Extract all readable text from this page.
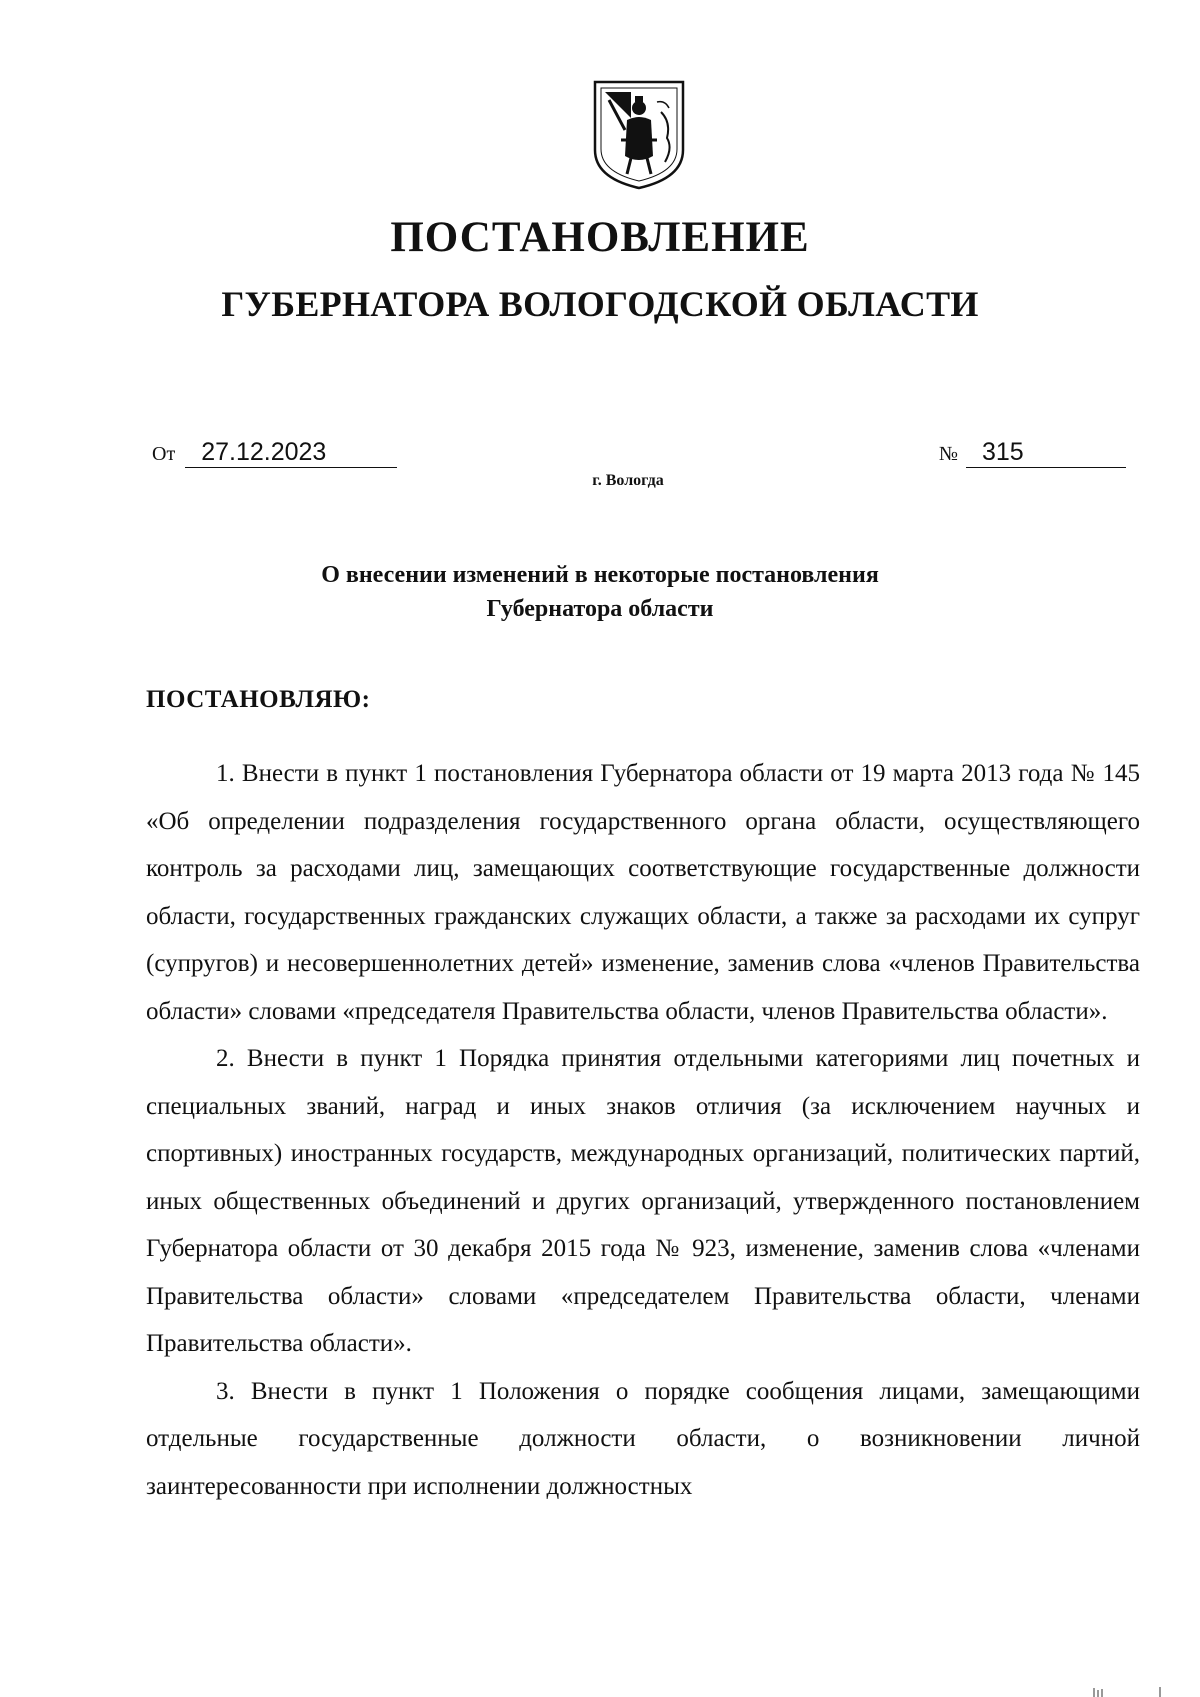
ПОСТАНОВЛЕНИЕ
ГУБЕРНАТОРА ВОЛОГОДСКОЙ ОБЛАСТИ
От 27.12.2023	№ 315
г. Вологда
О внесении изменений в некоторые постановления
Губернатора области
ПОСТАНОВЛЯЮ:

1. Внести в пункт 1 постановления Губернатора области от 19 марта 2013 года № 145 «Об определении подразделения государственного органа области, осуществляющего контроль за расходами лиц, замещающих соответствующие государственные должности области, государственных гражданских служащих области, а также за расходами их супруг (супругов) и несовершеннолетних детей» изменение, заменив слова «членов Правительства области» словами «председателя Правительства области, членов Правительства области».

2. Внести в пункт 1 Порядка принятия отдельными категориями лиц почетных и специальных званий, наград и иных знаков отличия (за исключением научных и спортивных) иностранных государств, международных организаций, политических партий, иных общественных объединений и других организаций, утвержденного постановлением Губернатора области от 30 декабря 2015 года № 923, изменение, заменив слова «членами Правительства области» словами «председателем Правительства области, членами Правительства области».

3. Внести в пункт 1 Положения о порядке сообщения лицами, замещающими отдельные государственные должности области, о возникновении личной заинтересованности при исполнении должностных
